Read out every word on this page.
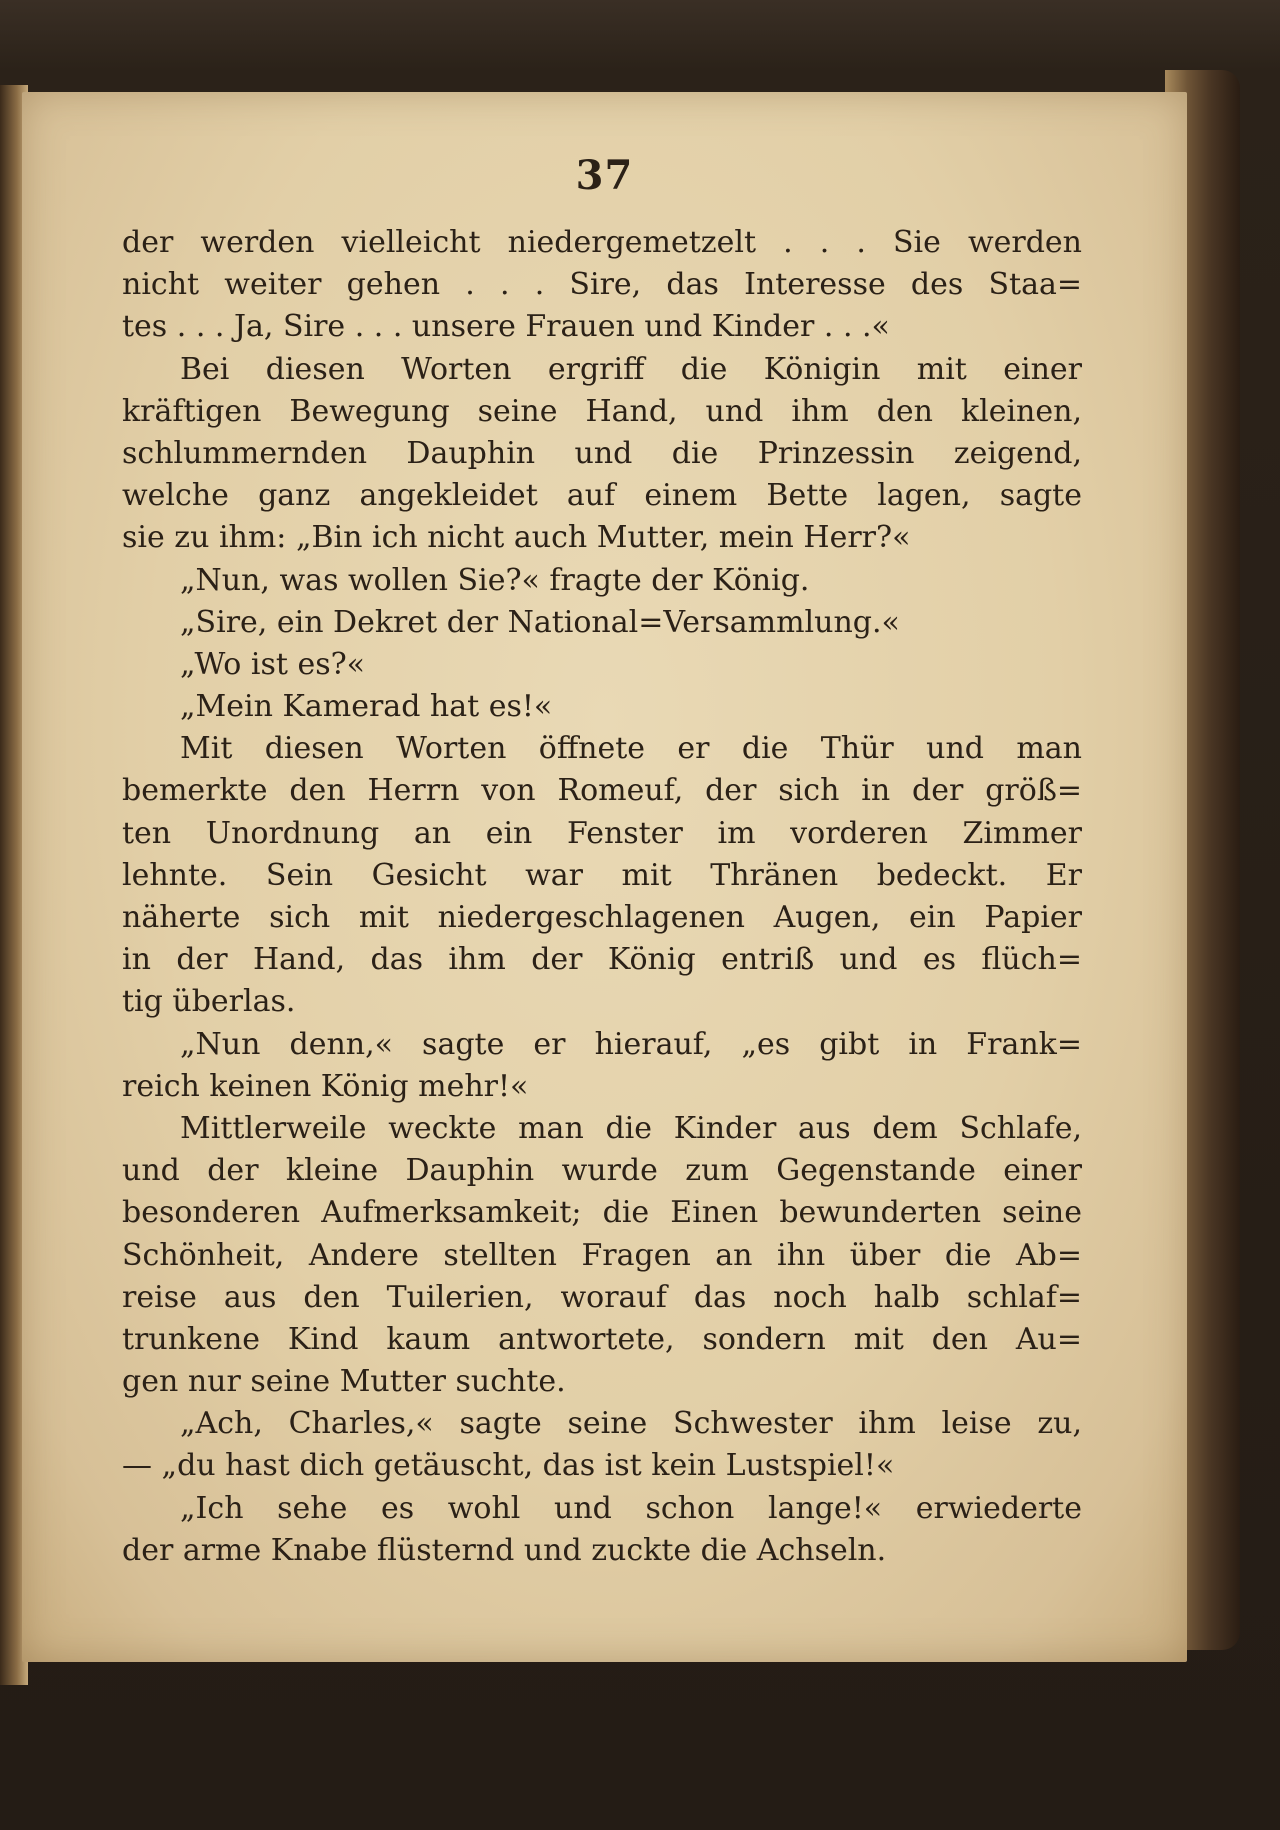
37
der werden vielleicht niedergemetzelt . . . Sie werden
nicht weiter gehen . . . Sire, das Interesse des Staa=
tes . . . Ja, Sire . . . unsere Frauen und Kinder . . .«
Bei diesen Worten ergriff die Königin mit einer
kräftigen Bewegung seine Hand, und ihm den kleinen,
schlummernden Dauphin und die Prinzessin zeigend,
welche ganz angekleidet auf einem Bette lagen, sagte
sie zu ihm: „Bin ich nicht auch Mutter, mein Herr?«
„Nun, was wollen Sie?« fragte der König.
„Sire, ein Dekret der National=Versammlung.«
„Wo ist es?«
„Mein Kamerad hat es!«
Mit diesen Worten öffnete er die Thür und man
bemerkte den Herrn von Romeuf, der sich in der größ=
ten Unordnung an ein Fenster im vorderen Zimmer
lehnte. Sein Gesicht war mit Thränen bedeckt. Er
näherte sich mit niedergeschlagenen Augen, ein Papier
in der Hand, das ihm der König entriß und es flüch=
tig überlas.
„Nun denn,« sagte er hierauf, „es gibt in Frank=
reich keinen König mehr!«
Mittlerweile weckte man die Kinder aus dem Schlafe,
und der kleine Dauphin wurde zum Gegenstande einer
besonderen Aufmerksamkeit; die Einen bewunderten seine
Schönheit, Andere stellten Fragen an ihn über die Ab=
reise aus den Tuilerien, worauf das noch halb schlaf=
trunkene Kind kaum antwortete, sondern mit den Au=
gen nur seine Mutter suchte.
„Ach, Charles,« sagte seine Schwester ihm leise zu,
— „du hast dich getäuscht, das ist kein Lustspiel!«
„Ich sehe es wohl und schon lange!« erwiederte
der arme Knabe flüsternd und zuckte die Achseln.
